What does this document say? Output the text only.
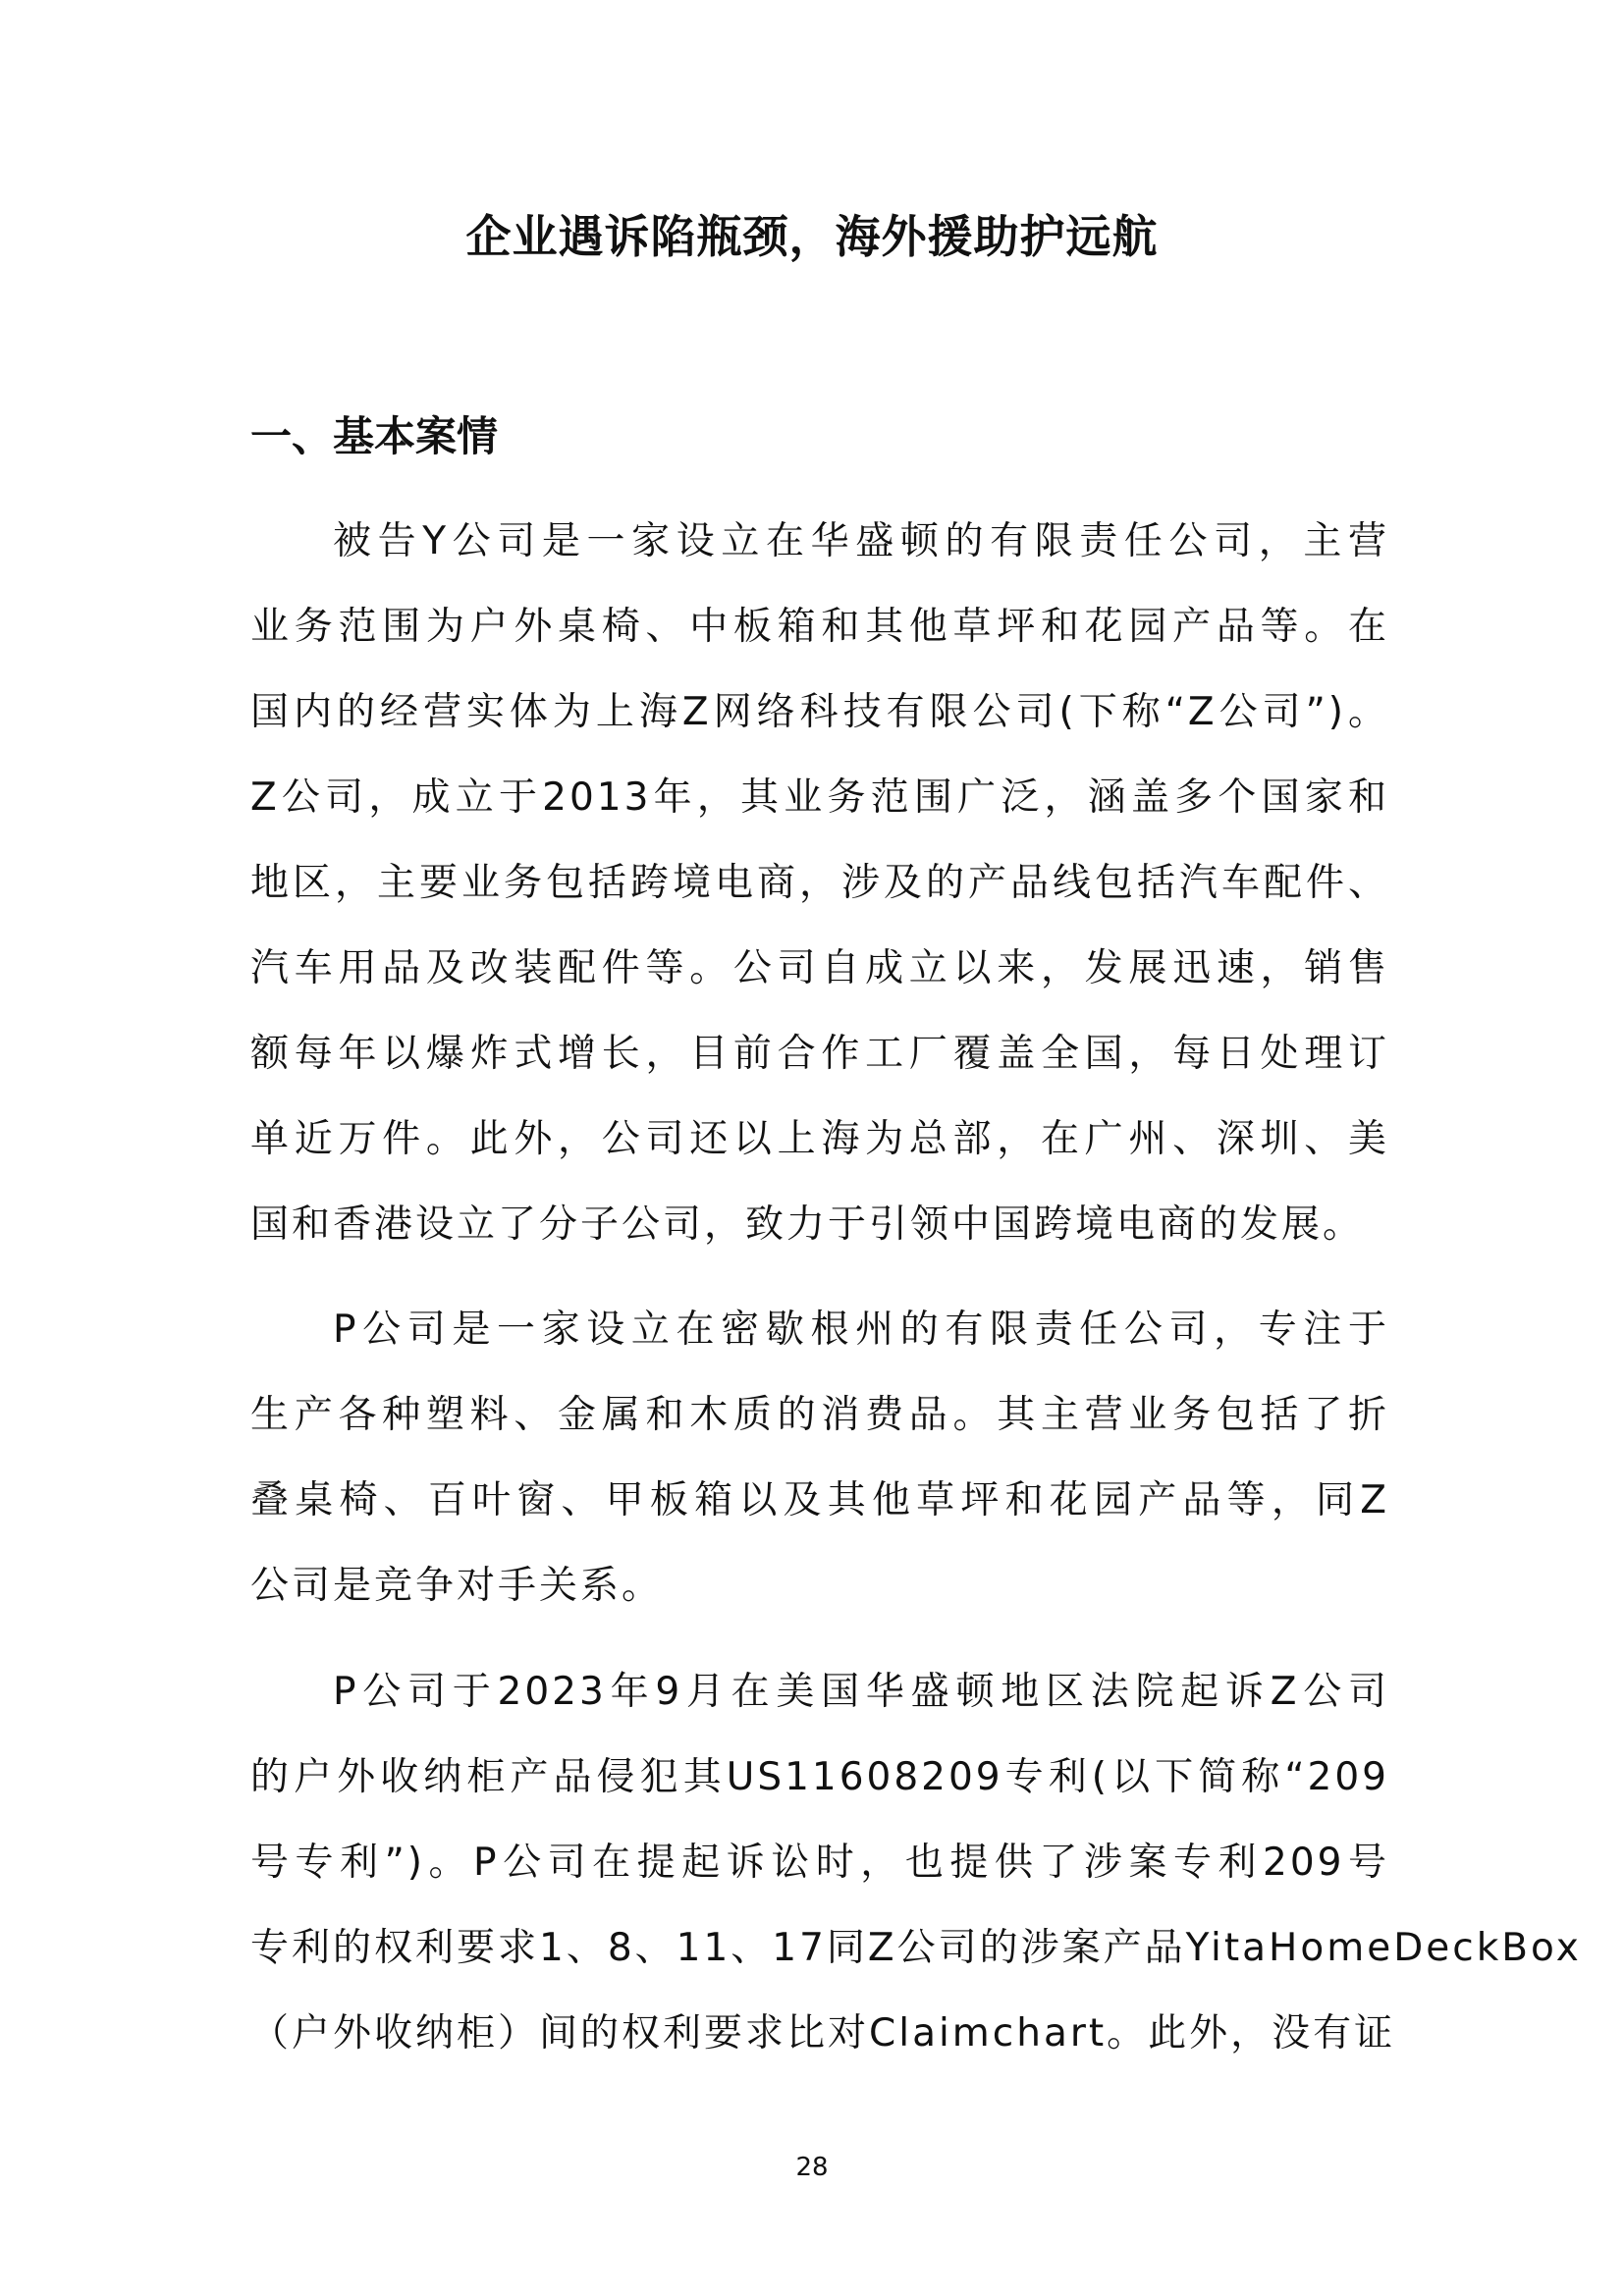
企业遇诉陷瓶颈，海外援助护远航
一、基本案情
被告Y公司是一家设立在华盛顿的有限责任公司，主营
业务范围为户外桌椅、中板箱和其他草坪和花园产品等。在
国内的经营实体为上海Z网络科技有限公司(下称“Z公司”)。
Z公司，成立于2013年，其业务范围广泛，涵盖多个国家和
地区，主要业务包括跨境电商，涉及的产品线包括汽车配件、
汽车用品及改装配件等。公司自成立以来，发展迅速，销售
额每年以爆炸式增长，目前合作工厂覆盖全国，每日处理订
单近万件。此外，公司还以上海为总部，在广州、深圳、美
国和香港设立了分子公司，致力于引领中国跨境电商的发展。
P公司是一家设立在密歇根州的有限责任公司，专注于
生产各种塑料、金属和木质的消费品。其主营业务包括了折
叠桌椅、百叶窗、甲板箱以及其他草坪和花园产品等，同Z
公司是竞争对手关系。
P公司于2023年9月在美国华盛顿地区法院起诉Z公司
的户外收纳柜产品侵犯其US11608209专利(以下简称“209
号专利”)。P公司在提起诉讼时，也提供了涉案专利209号
专利的权利要求1、8、11、17同Z公司的涉案产品YitaHomeDeckBox
（户外收纳柜）间的权利要求比对Claimchart。此外，没有证
28
